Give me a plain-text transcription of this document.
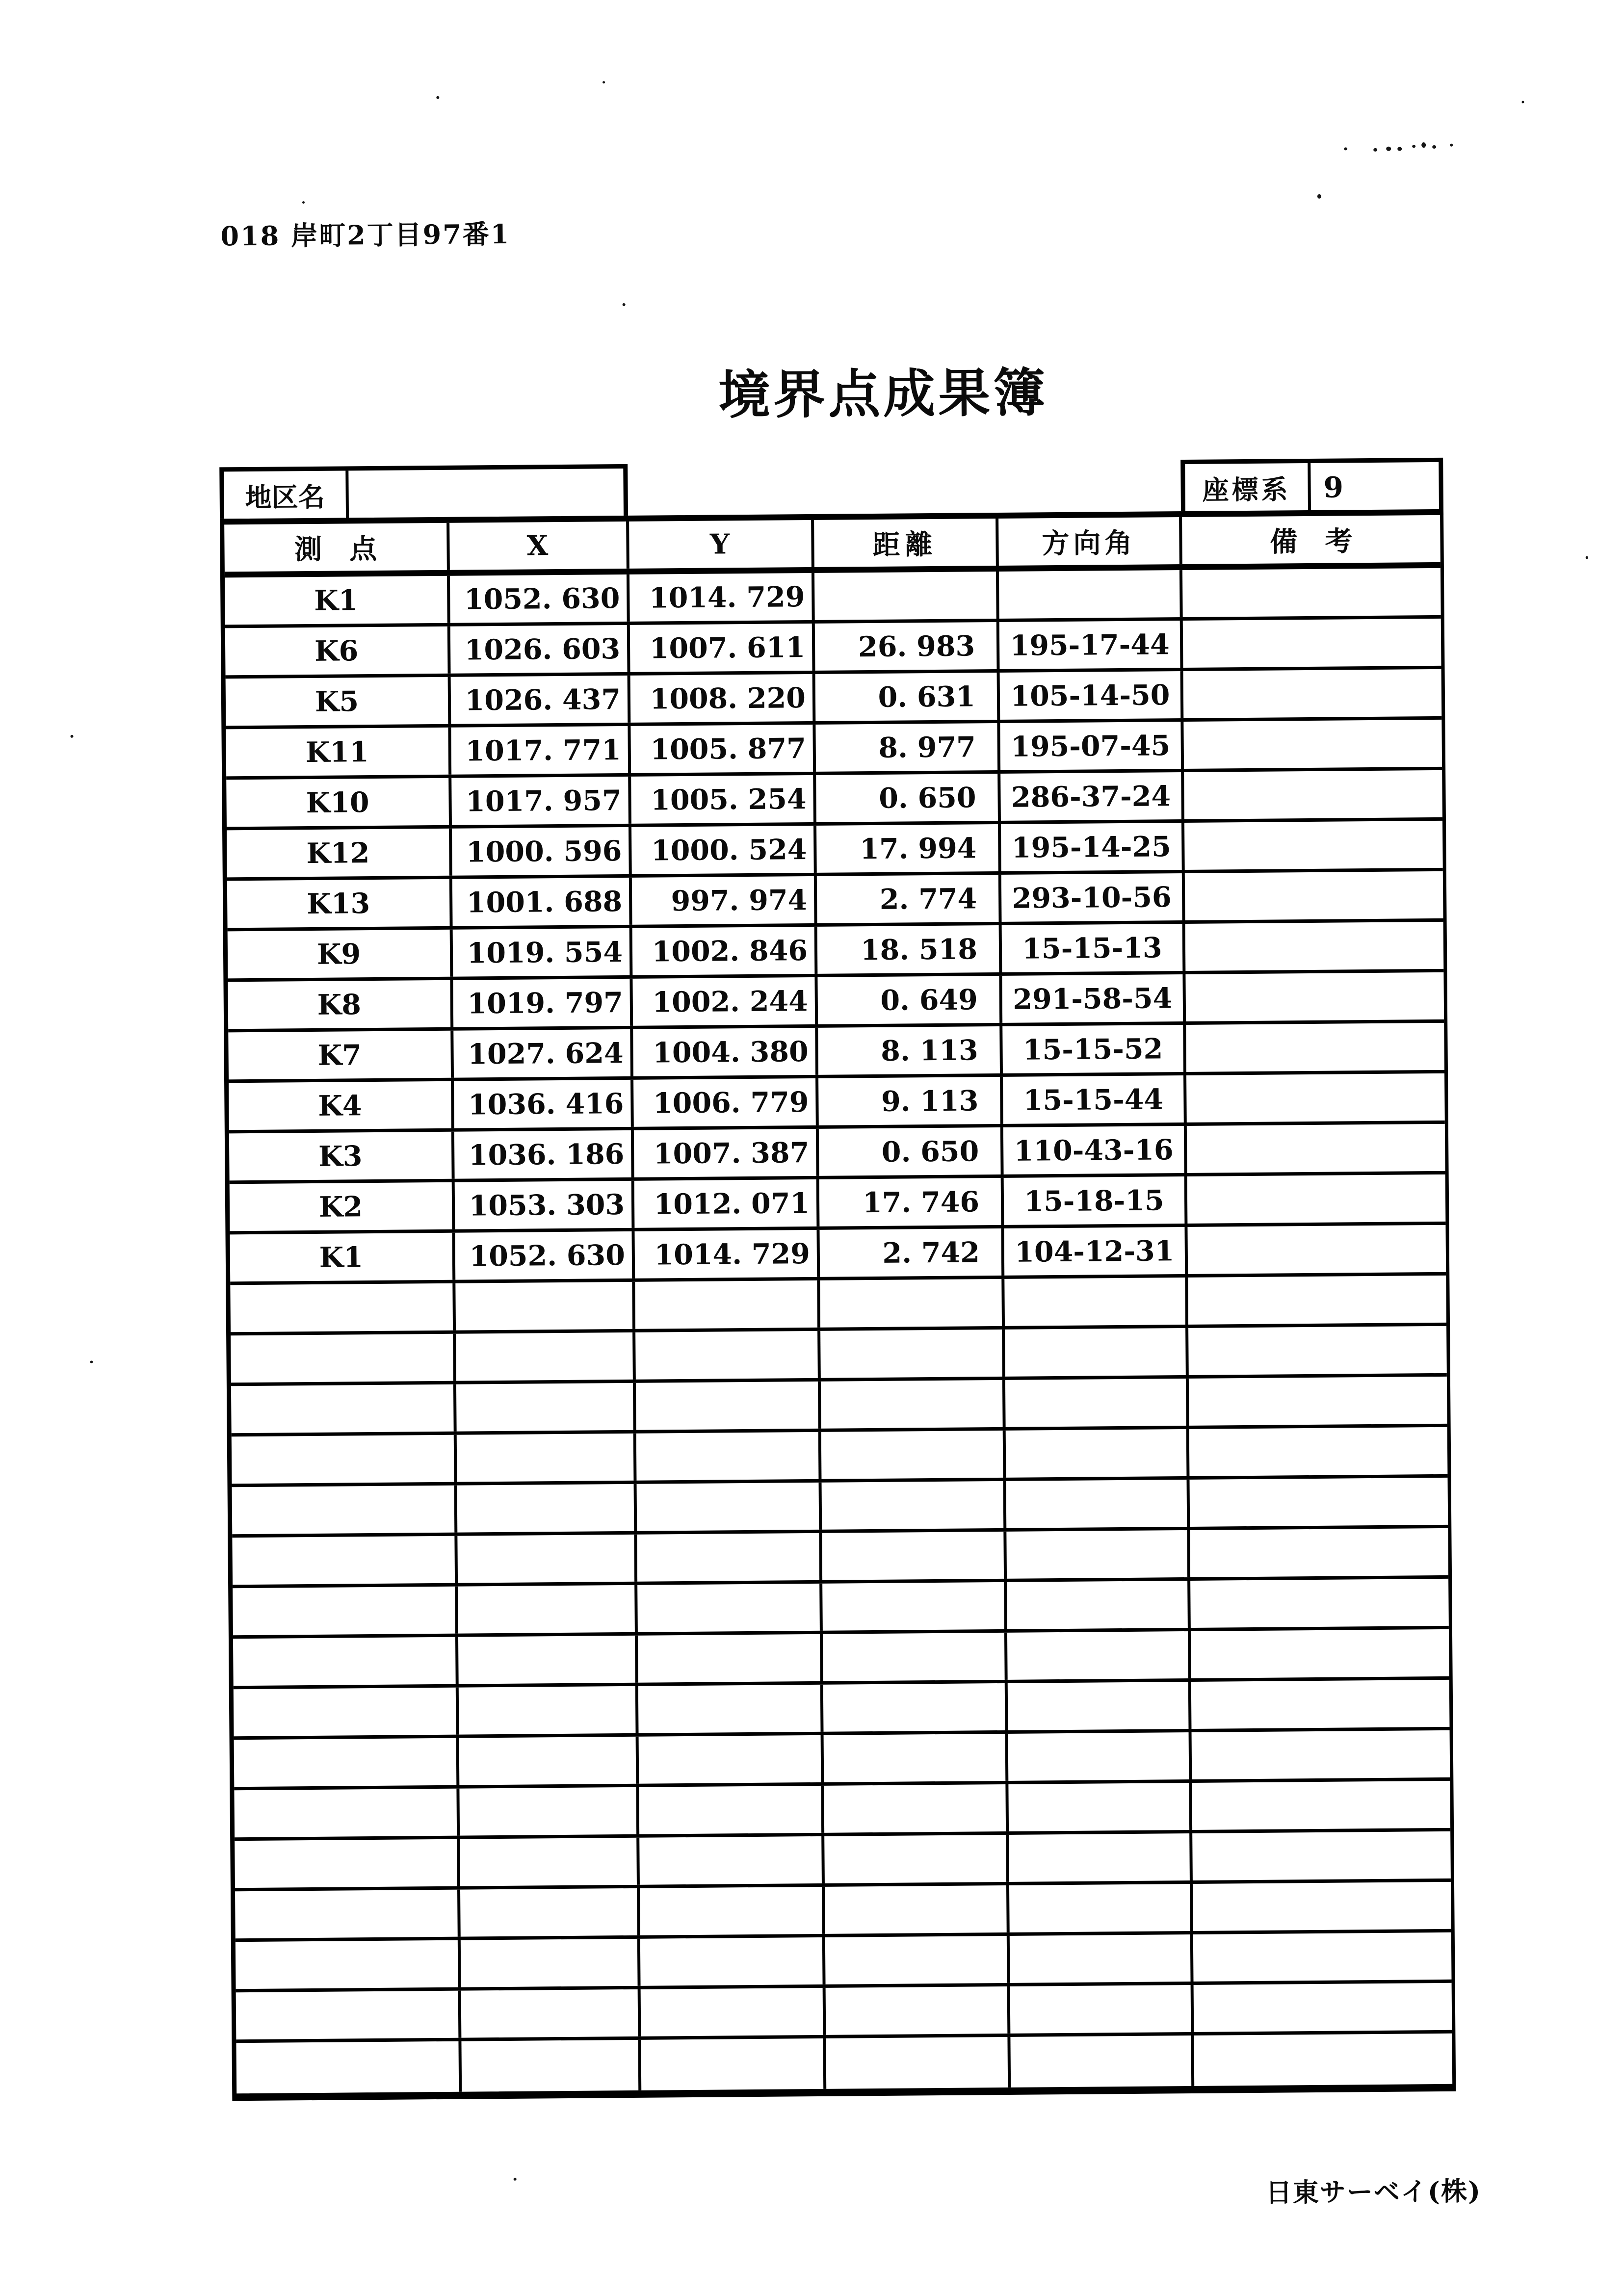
018 岸町2丁目97番1
境界点成果簿
地区名	座標系	9
測　点	X	Y	距離	方向角	備　考
K1	1052. 630	1014. 729
K6	1026. 603	1007. 611	26. 983	195-17-44
K5	1026. 437	1008. 220	0. 631	105-14-50
K11	1017. 771	1005. 877	8. 977	195-07-45
K10	1017. 957	1005. 254	0. 650	286-37-24
K12	1000. 596	1000. 524	17. 994	195-14-25
K13	1001. 688	997. 974	2. 774	293-10-56
K9	1019. 554	1002. 846	18. 518	15-15-13
K8	1019. 797	1002. 244	0. 649	291-58-54
K7	1027. 624	1004. 380	8. 113	15-15-52
K4	1036. 416	1006. 779	9. 113	15-15-44
K3	1036. 186	1007. 387	0. 650	110-43-16
K2	1053. 303	1012. 071	17. 746	15-18-15
K1	1052. 630	1014. 729	2. 742	104-12-31
日東サーベイ(株)
